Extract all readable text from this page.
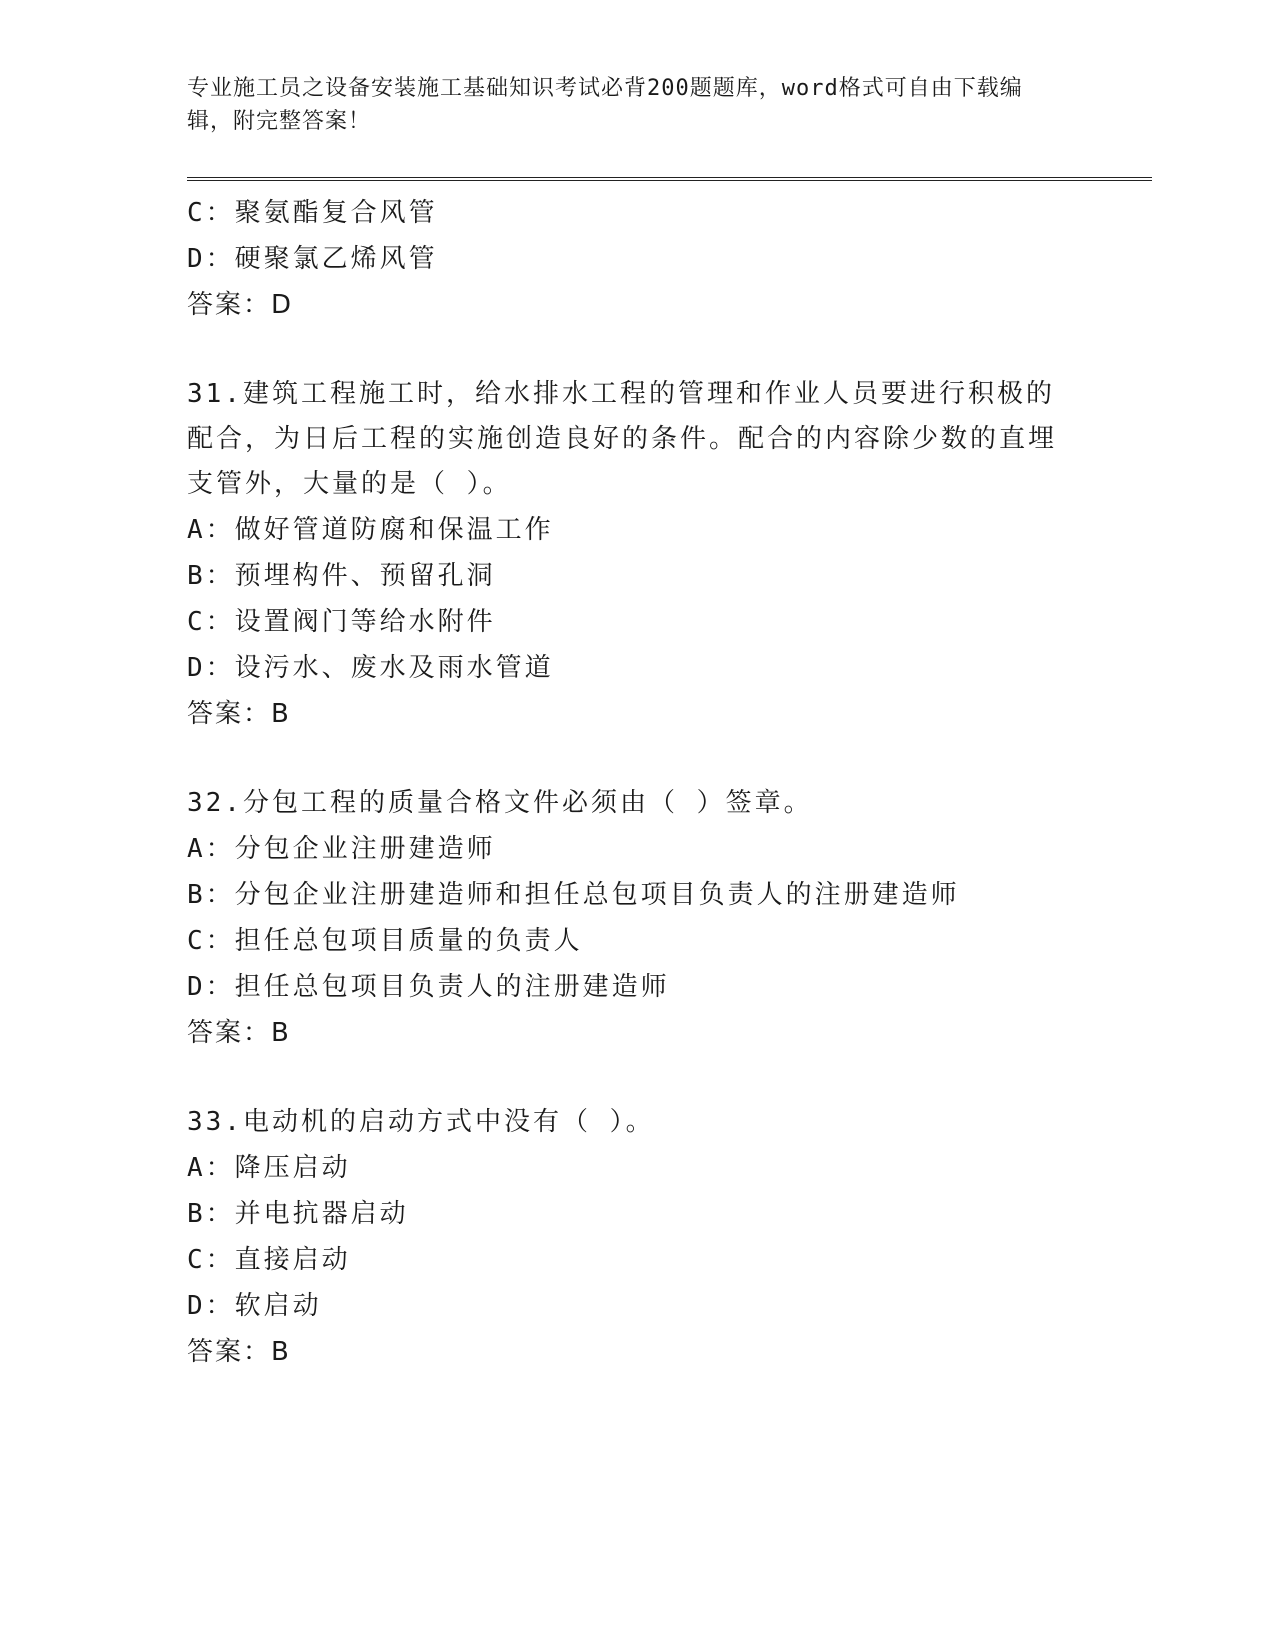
专业施工员之设备安装施工基础知识考试必背200题题库，word格式可自由下载编辑，附完整答案！
C：聚氨酯复合风管
D：硬聚氯乙烯风管
答案：D
31.建筑工程施工时，给水排水工程的管理和作业人员要进行积极的配合，为日后工程的实施创造良好的条件。配合的内容除少数的直埋支管外，大量的是（ ）。
A：做好管道防腐和保温工作
B：预埋构件、预留孔洞
C：设置阀门等给水附件
D：设污水、废水及雨水管道
答案：B
32.分包工程的质量合格文件必须由（ ）签章。
A：分包企业注册建造师
B：分包企业注册建造师和担任总包项目负责人的注册建造师
C：担任总包项目质量的负责人
D：担任总包项目负责人的注册建造师
答案：B
33.电动机的启动方式中没有（ ）。
A：降压启动
B：并电抗器启动
C：直接启动
D：软启动
答案：B
